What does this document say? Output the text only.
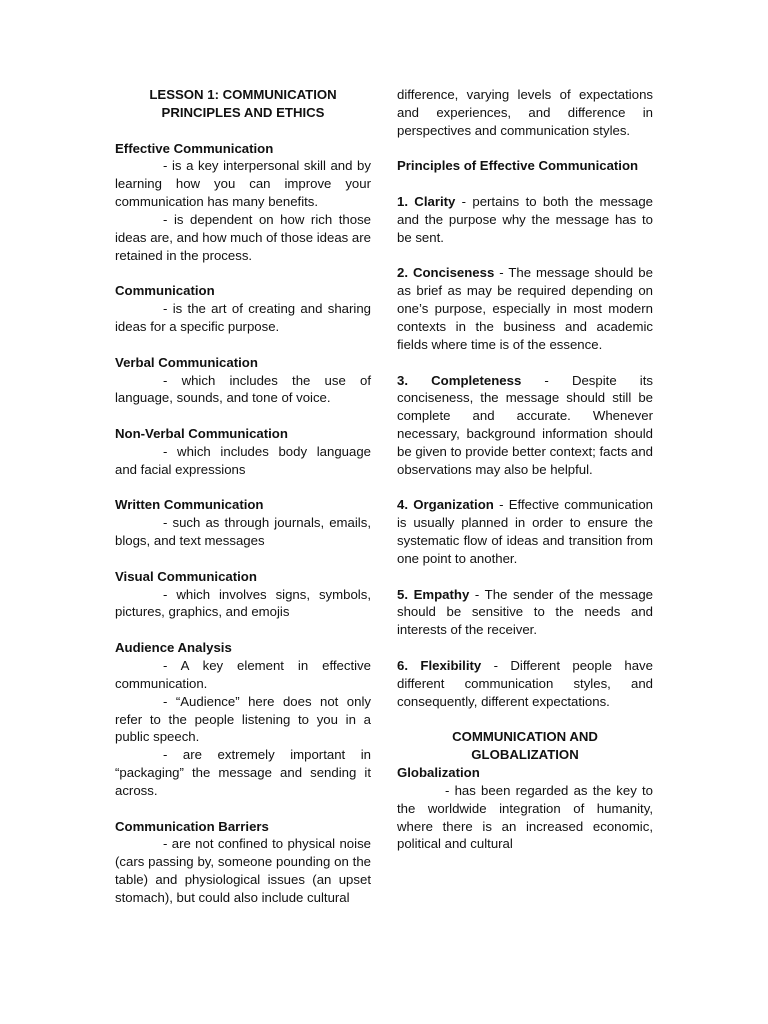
LESSON 1: COMMUNICATION

PRINCIPLES AND ETHICS

Effective Communication

- is a key interpersonal skill and by learning how you can improve your communication has many benefits.

- is dependent on how rich those ideas are, and how much of those ideas are retained in the process.

Communication

- is the art of creating and sharing ideas for a specific purpose.

Verbal Communication

- which includes the use of language, sounds, and tone of voice.

Non-Verbal Communication

- which includes body language and facial expressions

Written Communication

- such as through journals, emails, blogs, and text messages

Visual Communication

- which involves signs, symbols, pictures, graphics, and emojis

Audience Analysis

- A key element in effective communication.

- “Audience” here does not only refer to the people listening to you in a public speech.

- are extremely important in “packaging” the message and sending it across.

Communication Barriers

- are not confined to physical noise (cars passing by, someone pounding on the table) and physiological issues (an upset stomach), but could also include cultural

difference, varying levels of expectations and experiences, and difference in perspectives and communication styles.

Principles of Effective Communication

1. Clarity - pertains to both the message and the purpose why the message has to be sent.

2. Conciseness - The message should be as brief as may be required depending on one’s purpose, especially in most modern contexts in the business and academic fields where time is of the essence.

3. Completeness - Despite its conciseness, the message should still be complete and accurate. Whenever necessary, background information should be given to provide better context; facts and observations may also be helpful.

4. Organization - Effective communication is usually planned in order to ensure the systematic flow of ideas and transition from one point to another.

5. Empathy - The sender of the message should be sensitive to the needs and interests of the receiver.

6. Flexibility - Different people have different communication styles, and consequently, different expectations.

COMMUNICATION AND

GLOBALIZATION

Globalization

- has been regarded as the key to the worldwide integration of humanity, where there is an increased economic, political and cultural
